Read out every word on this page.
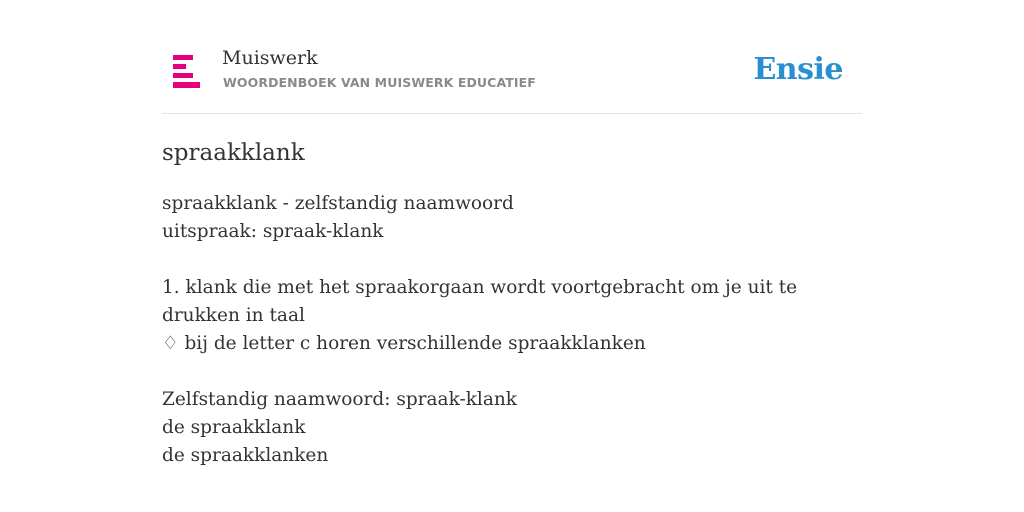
Muiswerk
WOORDENBOEK VAN MUISWERK EDUCATIEF	Ensie
spraakklank
spraakklank - zelfstandig naamwoord
uitspraak: spraak-klank
1. klank die met het spraakorgaan wordt voortgebracht om je uit te drukken in taal
♢ bij de letter c horen verschillende spraakklanken
Zelfstandig naamwoord: spraak-klank
de spraakklank
de spraakklanken
